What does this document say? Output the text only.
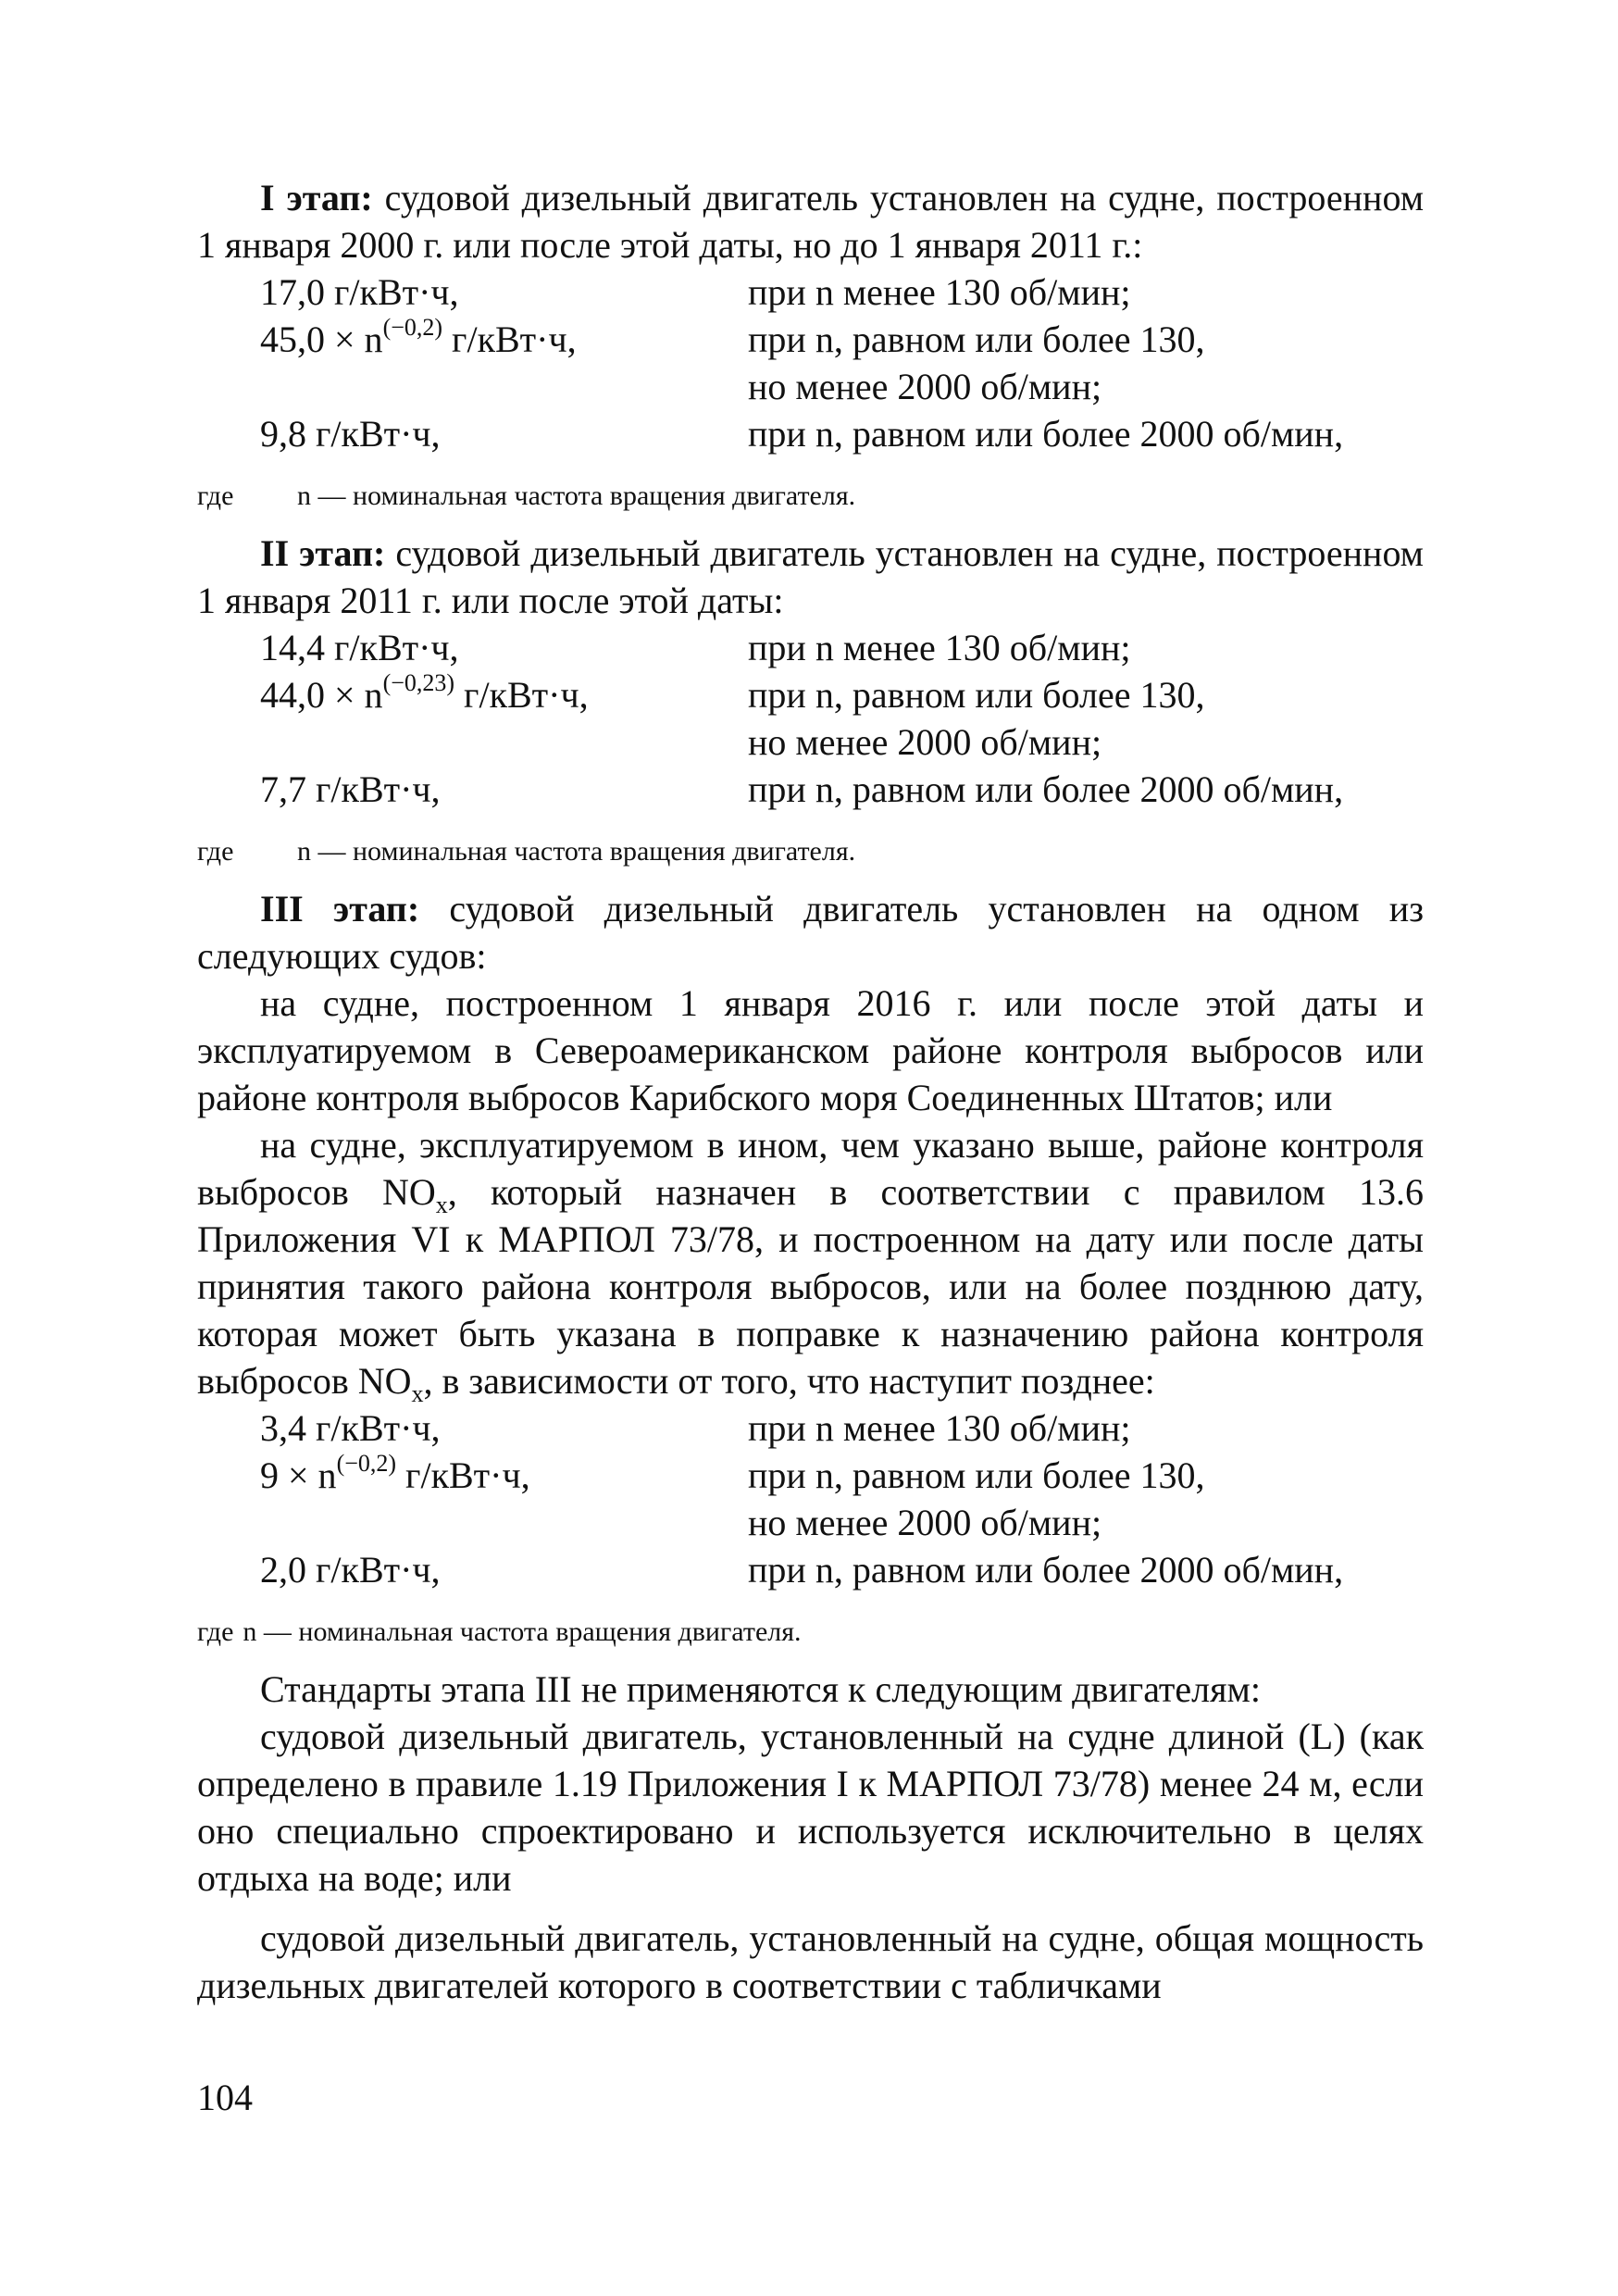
I этап: судовой дизельный двигатель установлен на судне, построенном 1 января 2000 г. или после этой даты, но до 1 января 2011 г.:

17,0 г/кВт·ч,	при n менее 130 об/мин;
$45,0 \times n^{(-0,2)}$ г/кВт·ч,	при n, равном или более 130,
но менее 2000 об/мин;
9,8 г/кВт·ч,	при n, равном или более 2000 об/мин,
где n — номинальная частота вращения двигателя.

II этап: судовой дизельный двигатель установлен на судне, построенном 1 января 2011 г. или после этой даты:

14,4 г/кВт·ч,	при n менее 130 об/мин;
$44,0 \times n^{(-0,23)}$ г/кВт·ч,	при n, равном или более 130,
но менее 2000 об/мин;
7,7 г/кВт·ч,	при n, равном или более 2000 об/мин,
где n — номинальная частота вращения двигателя.

III этап: судовой дизельный двигатель установлен на одном из следующих судов:

на судне, построенном 1 января 2016 г. или после этой даты и эксплуатируемом в Североамериканском районе контроля выбросов или районе контроля выбросов Карибского моря Соединенных Штатов; или

на судне, эксплуатируемом в ином, чем указано выше, районе контроля выбросов $NO_x$, который назначен в соответствии с правилом 13.6 Приложения VI к МАРПОЛ 73/78, и построенном на дату или после даты принятия такого района контроля выбросов, или на более позднюю дату, которая может быть указана в поправке к назначению района контроля выбросов $NO_x$, в зависимости от того, что наступит позднее:

3,4 г/кВт·ч,	при n менее 130 об/мин;
$9 \times n^{(-0,2)}$ г/кВт·ч,	при n, равном или более 130,
но менее 2000 об/мин;
2,0 г/кВт·ч,	при n, равном или более 2000 об/мин,
где n — номинальная частота вращения двигателя.

Стандарты этапа III не применяются к следующим двигателям:

судовой дизельный двигатель, установленный на судне длиной (L) (как определено в правиле 1.19 Приложения I к МАРПОЛ 73/78) менее 24 м, если оно специально спроектировано и используется исключительно в целях отдыха на воде; или

судовой дизельный двигатель, установленный на судне, общая мощность дизельных двигателей которого в соответствии с табличками

104
